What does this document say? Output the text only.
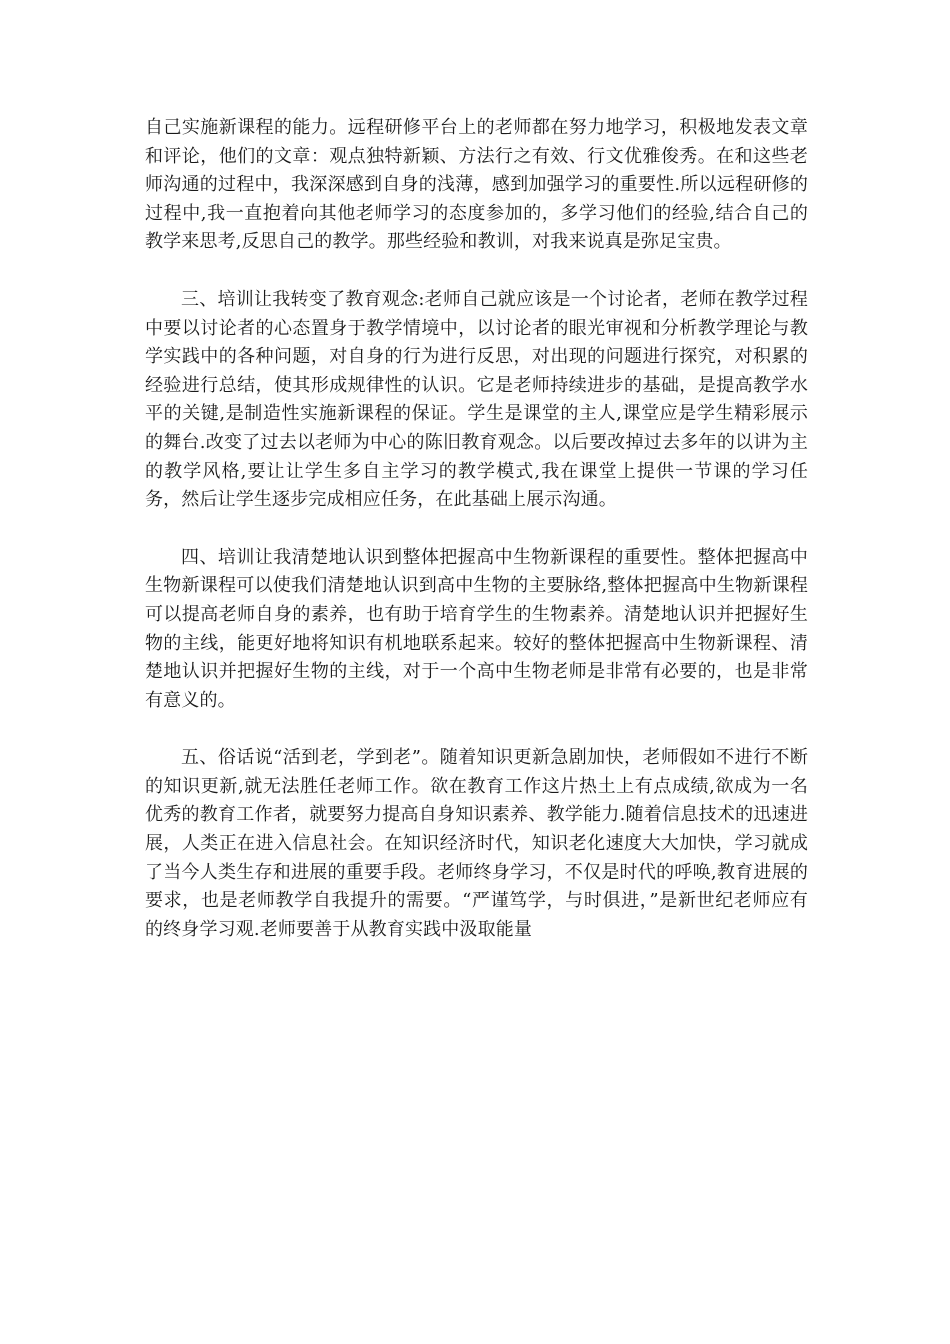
自己实施新课程的能力。远程研修平台上的老师都在努力地学习，积极地发表文章和评论，他们的文章：观点独特新颖、方法行之有效、行文优雅俊秀。在和这些老师沟通的过程中，我深深感到自身的浅薄，感到加强学习的重要性.所以远程研修的过程中,我一直抱着向其他老师学习的态度参加的，多学习他们的经验,结合自己的教学来思考,反思自己的教学。那些经验和教训，对我来说真是弥足宝贵。

三、培训让我转变了教育观念:老师自己就应该是一个讨论者，老师在教学过程中要以讨论者的心态置身于教学情境中，以讨论者的眼光审视和分析教学理论与教学实践中的各种问题，对自身的行为进行反思，对出现的问题进行探究，对积累的经验进行总结，使其形成规律性的认识。它是老师持续进步的基础，是提高教学水平的关键,是制造性实施新课程的保证。学生是课堂的主人,课堂应是学生精彩展示的舞台.改变了过去以老师为中心的陈旧教育观念。以后要改掉过去多年的以讲为主的教学风格,要让让学生多自主学习的教学模式,我在课堂上提供一节课的学习任务，然后让学生逐步完成相应任务，在此基础上展示沟通。

四、培训让我清楚地认识到整体把握高中生物新课程的重要性。整体把握高中生物新课程可以使我们清楚地认识到高中生物的主要脉络,整体把握高中生物新课程可以提高老师自身的素养，也有助于培育学生的生物素养。清楚地认识并把握好生物的主线，能更好地将知识有机地联系起来。较好的整体把握高中生物新课程、清楚地认识并把握好生物的主线，对于一个高中生物老师是非常有必要的，也是非常有意义的。

五、俗话说“活到老，学到老”。随着知识更新急剧加快，老师假如不进行不断的知识更新,就无法胜任老师工作。欲在教育工作这片热土上有点成绩,欲成为一名优秀的教育工作者，就要努力提高自身知识素养、教学能力.随着信息技术的迅速进展，人类正在进入信息社会。在知识经济时代，知识老化速度大大加快，学习就成了当今人类生存和进展的重要手段。老师终身学习，不仅是时代的呼唤,教育进展的要求，也是老师教学自我提升的需要。“严谨笃学，与时俱进，”是新世纪老师应有的终身学习观.老师要善于从教育实践中汲取能量
